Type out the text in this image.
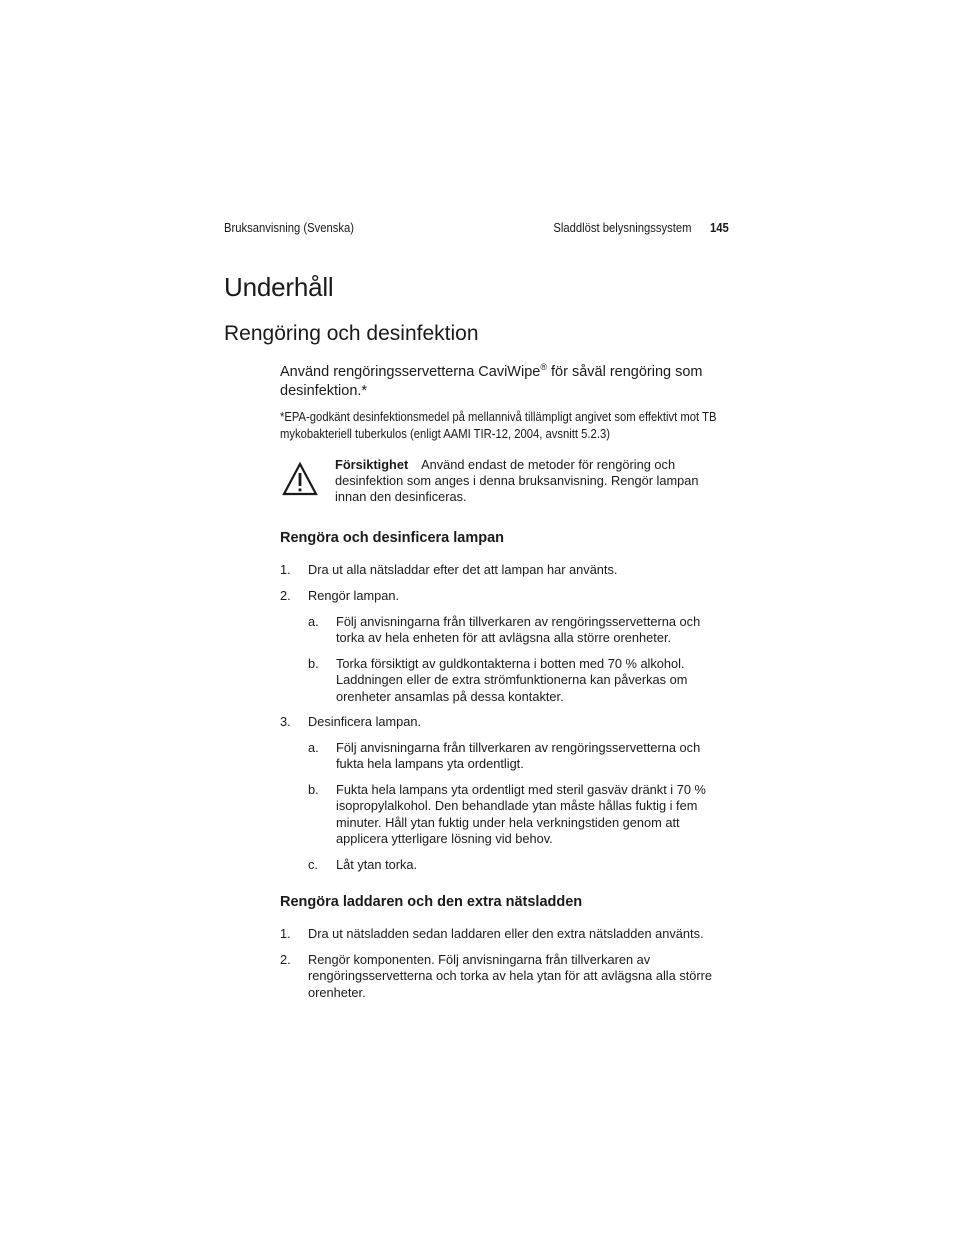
Bruksanvisning (Svenska)	Sladdlöst belysningssystem 145
Underhåll
Rengöring och desinfektion

Använd rengöringsservetterna CaviWipe® för såväl rengöring som desinfektion.*

*EPA-godkänt desinfektionsmedel på mellannivå tillämpligt angivet som effektivt mot TB mykobakteriell tuberkulos (enligt AAMI TIR-12, 2004, avsnitt 5.2.3)

Försiktighet Använd endast de metoder för rengöring och desinfektion som anges i denna bruksanvisning. Rengör lampan innan den desinficeras.

Rengöra och desinficera lampan
1. Dra ut alla nätsladdar efter det att lampan har använts.
2. Rengör lampan.
a. Följ anvisningarna från tillverkaren av rengöringsservetterna och torka av hela enheten för att avlägsna alla större orenheter.
b. Torka försiktigt av guldkontakterna i botten med 70 % alkohol. Laddningen eller de extra strömfunktionerna kan påverkas om orenheter ansamlas på dessa kontakter.
3. Desinficera lampan.
a. Följ anvisningarna från tillverkaren av rengöringsservetterna och fukta hela lampans yta ordentligt.
b. Fukta hela lampans yta ordentligt med steril gasväv dränkt i 70 % isopropylalkohol. Den behandlade ytan måste hållas fuktig i fem minuter. Håll ytan fuktig under hela verkningstiden genom att applicera ytterligare lösning vid behov.
c. Låt ytan torka.
Rengöra laddaren och den extra nätsladden
1. Dra ut nätsladden sedan laddaren eller den extra nätsladden använts.
2. Rengör komponenten. Följ anvisningarna från tillverkaren av rengöringsservetterna och torka av hela ytan för att avlägsna alla större orenheter.
